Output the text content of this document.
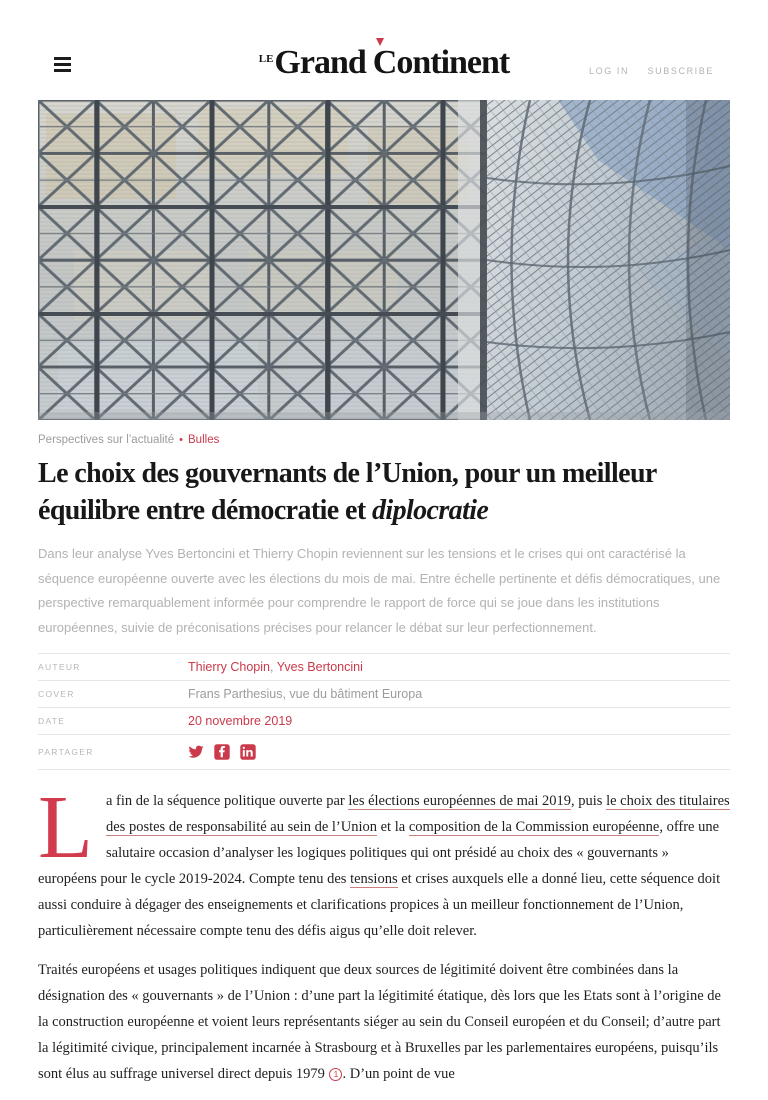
$^{LE}$Grand Continent	LOG IN SUBSCRIBE
Perspectives sur l’actualité • Bulles
Le choix des gouvernants de l’Union, pour un meilleur équilibre entre démocratie et diplocratie

Dans leur analyse Yves Bertoncini et Thierry Chopin reviennent sur les tensions et le crises qui ont caractérisé la séquence européenne ouverte avec les élections du mois de mai. Entre échelle pertinente et défis démocratiques, une perspective remarquablement informée pour comprendre le rapport de force qui se joue dans les institutions européennes, suivie de préconisations précises pour relancer le débat sur leur perfectionnement.

AUTEUR	Thierry Chopin, Yves Bertoncini
COVER	Frans Parthesius, vue du bâtiment Europa
DATE	20 novembre 2019
PARTAGER

La fin de la séquence politique ouverte par les élections européennes de mai 2019, puis le choix des titulaires des postes de responsabilité au sein de l’Union et la composition de la Commission européenne, offre une salutaire occasion d’analyser les logiques politiques qui ont présidé au choix des « gouvernants » européens pour le cycle 2019-2024. Compte tenu des tensions et crises auxquels elle a donné lieu, cette séquence doit aussi conduire à dégager des enseignements et clarifications propices à un meilleur fonctionnement de l’Union, particulièrement nécessaire compte tenu des défis aigus qu’elle doit relever.

Traités européens et usages politiques indiquent que deux sources de légitimité doivent être combinées dans la désignation des « gouvernants » de l’Union : d’une part la légitimité étatique, dès lors que les Etats sont à l’origine de la construction européenne et voient leurs représentants siéger au sein du Conseil européen et du Conseil; d’autre part la légitimité civique, principalement incarnée à Strasbourg et à Bruxelles par les parlementaires européens, puisqu’ils sont élus au suffrage universel direct depuis 1979 1 . D’un point de vue
